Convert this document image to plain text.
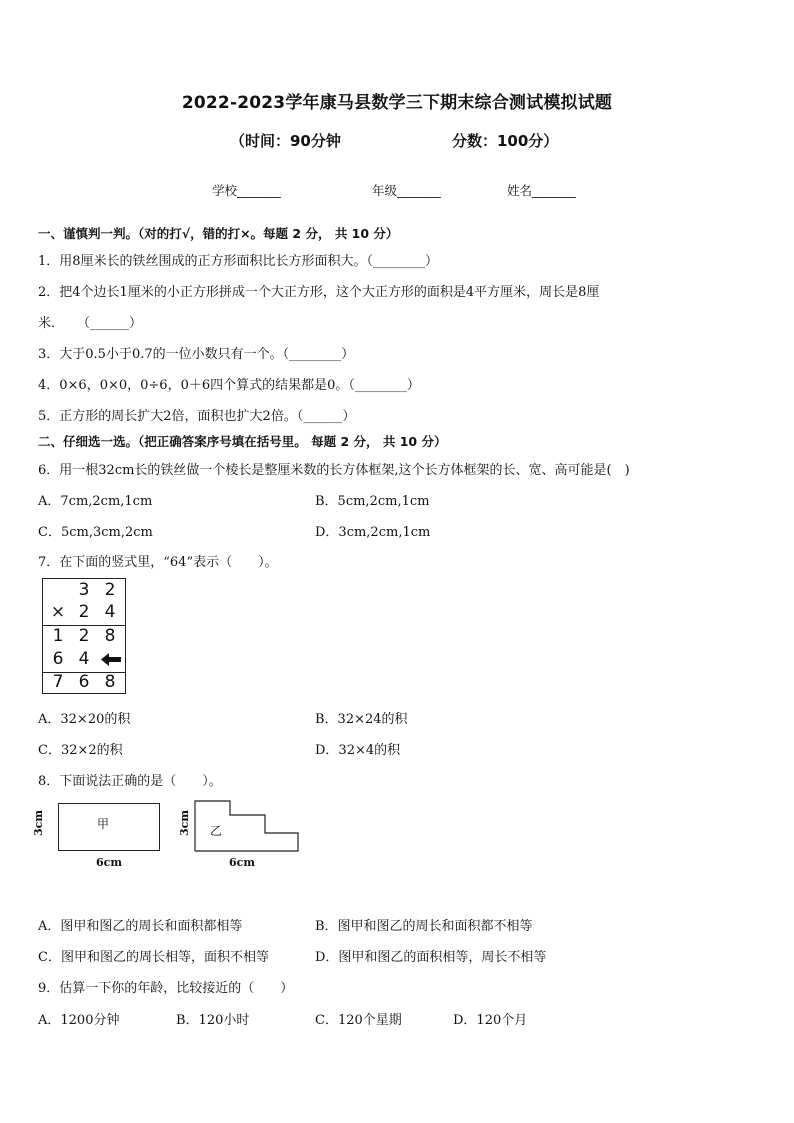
2022-2023学年康马县数学三下期末综合测试模拟试题
（时间：90分钟	分数：100分）
学校_______	年级_______	姓名_______
一、谨慎判一判。（对的打√，错的打×。每题 2 分， 共 10 分）
1．用8厘米长的铁丝围成的正方形面积比长方形面积大。（________）
2．把4个边长1厘米的小正方形拼成一个大正方形，这个大正方形的面积是4平方厘米，周长是8厘
米．　　（______）
3．大于0.5小于0.7的一位小数只有一个。（________）
4．0×6，0×0，0÷6，0＋6四个算式的结果都是0。（________）
5．正方形的周长扩大2倍，面积也扩大2倍。（______）
二、仔细选一选。（把正确答案序号填在括号里。 每题 2 分， 共 10 分）
6．用一根32cm长的铁丝做一个棱长是整厘米数的长方体框架,这个长方体框架的长、宽、高可能是(　)
A．7cm,2cm,1cm	B．5cm,2cm,1cm
C．5cm,3cm,2cm	D．3cm,2cm,1cm
7．在下面的竖式里，“64”表示（　　）。
3 2
× 2 4
1 2 8
6 4
7 6 8
A．32×20的积	B．32×24的积
C．32×2的积	D．32×4的积
8．下面说法正确的是（　　）。
甲
3cm
6cm
乙
3cm
6cm
A．图甲和图乙的周长和面积都相等	B．图甲和图乙的周长和面积都不相等
C．图甲和图乙的周长相等，面积不相等	D．图甲和图乙的面积相等，周长不相等
9．估算一下你的年龄，比较接近的（　　）
A．1200分钟	B．120小时	C．120个星期	D．120个月
